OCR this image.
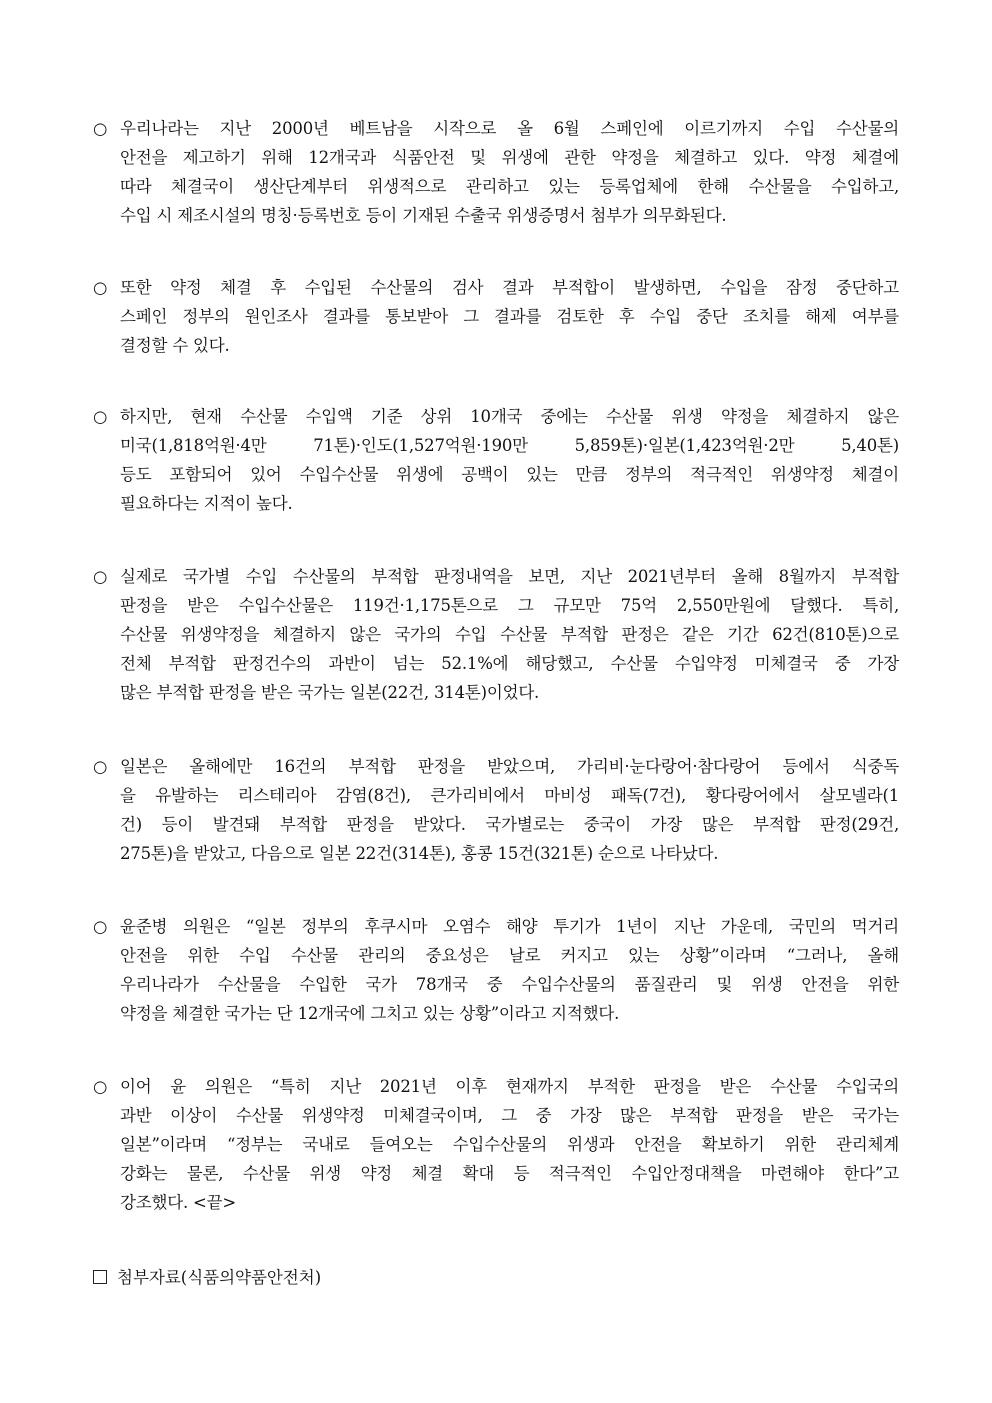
○ 우리나라는 지난 2000년 베트남을 시작으로 올 6월 스페인에 이르기까지 수입 수산물의
안전을 제고하기 위해 12개국과 식품안전 및 위생에 관한 약정을 체결하고 있다. 약정 체결에
따라 체결국이 생산단계부터 위생적으로 관리하고 있는 등록업체에 한해 수산물을 수입하고,
수입 시 제조시설의 명칭·등록번호 등이 기재된 수출국 위생증명서 첨부가 의무화된다.
○ 또한 약정 체결 후 수입된 수산물의 검사 결과 부적합이 발생하면, 수입을 잠정 중단하고
스페인 정부의 원인조사 결과를 통보받아 그 결과를 검토한 후 수입 중단 조치를 해제 여부를
결정할 수 있다.
○ 하지만, 현재 수산물 수입액 기준 상위 10개국 중에는 수산물 위생 약정을 체결하지 않은
미국(1,818억원·4만 71톤)·인도(1,527억원·190만 5,859톤)·일본(1,423억원·2만 5,40톤)
등도 포함되어 있어 수입수산물 위생에 공백이 있는 만큼 정부의 적극적인 위생약정 체결이
필요하다는 지적이 높다.
○ 실제로 국가별 수입 수산물의 부적합 판정내역을 보면, 지난 2021년부터 올해 8월까지 부적합
판정을 받은 수입수산물은 119건·1,175톤으로 그 규모만 75억 2,550만원에 달했다. 특히,
수산물 위생약정을 체결하지 않은 국가의 수입 수산물 부적합 판정은 같은 기간 62건(810톤)으로
전체 부적합 판정건수의 과반이 넘는 52.1%에 해당했고, 수산물 수입약정 미체결국 중 가장
많은 부적합 판정을 받은 국가는 일본(22건, 314톤)이었다.
○ 일본은 올해에만 16건의 부적합 판정을 받았으며, 가리비·눈다랑어·참다랑어 등에서 식중독
을 유발하는 리스테리아 감염(8건), 큰가리비에서 마비성 패독(7건), 황다랑어에서 살모넬라(1
건) 등이 발견돼 부적합 판정을 받았다. 국가별로는 중국이 가장 많은 부적합 판정(29건,
275톤)을 받았고, 다음으로 일본 22건(314톤), 홍콩 15건(321톤) 순으로 나타났다.
○ 윤준병 의원은 “일본 정부의 후쿠시마 오염수 해양 투기가 1년이 지난 가운데, 국민의 먹거리
안전을 위한 수입 수산물 관리의 중요성은 날로 커지고 있는 상황”이라며 “그러나, 올해
우리나라가 수산물을 수입한 국가 78개국 중 수입수산물의 품질관리 및 위생 안전을 위한
약정을 체결한 국가는 단 12개국에 그치고 있는 상황”이라고 지적했다.
○ 이어 윤 의원은 “특히 지난 2021년 이후 현재까지 부적한 판정을 받은 수산물 수입국의
과반 이상이 수산물 위생약정 미체결국이며, 그 중 가장 많은 부적합 판정을 받은 국가는
일본”이라며 “정부는 국내로 들여오는 수입수산물의 위생과 안전을 확보하기 위한 관리체계
강화는 물론, 수산물 위생 약정 체결 확대 등 적극적인 수입안정대책을 마련해야 한다”고
강조했다. <끝>
첨부자료(식품의약품안전처)
